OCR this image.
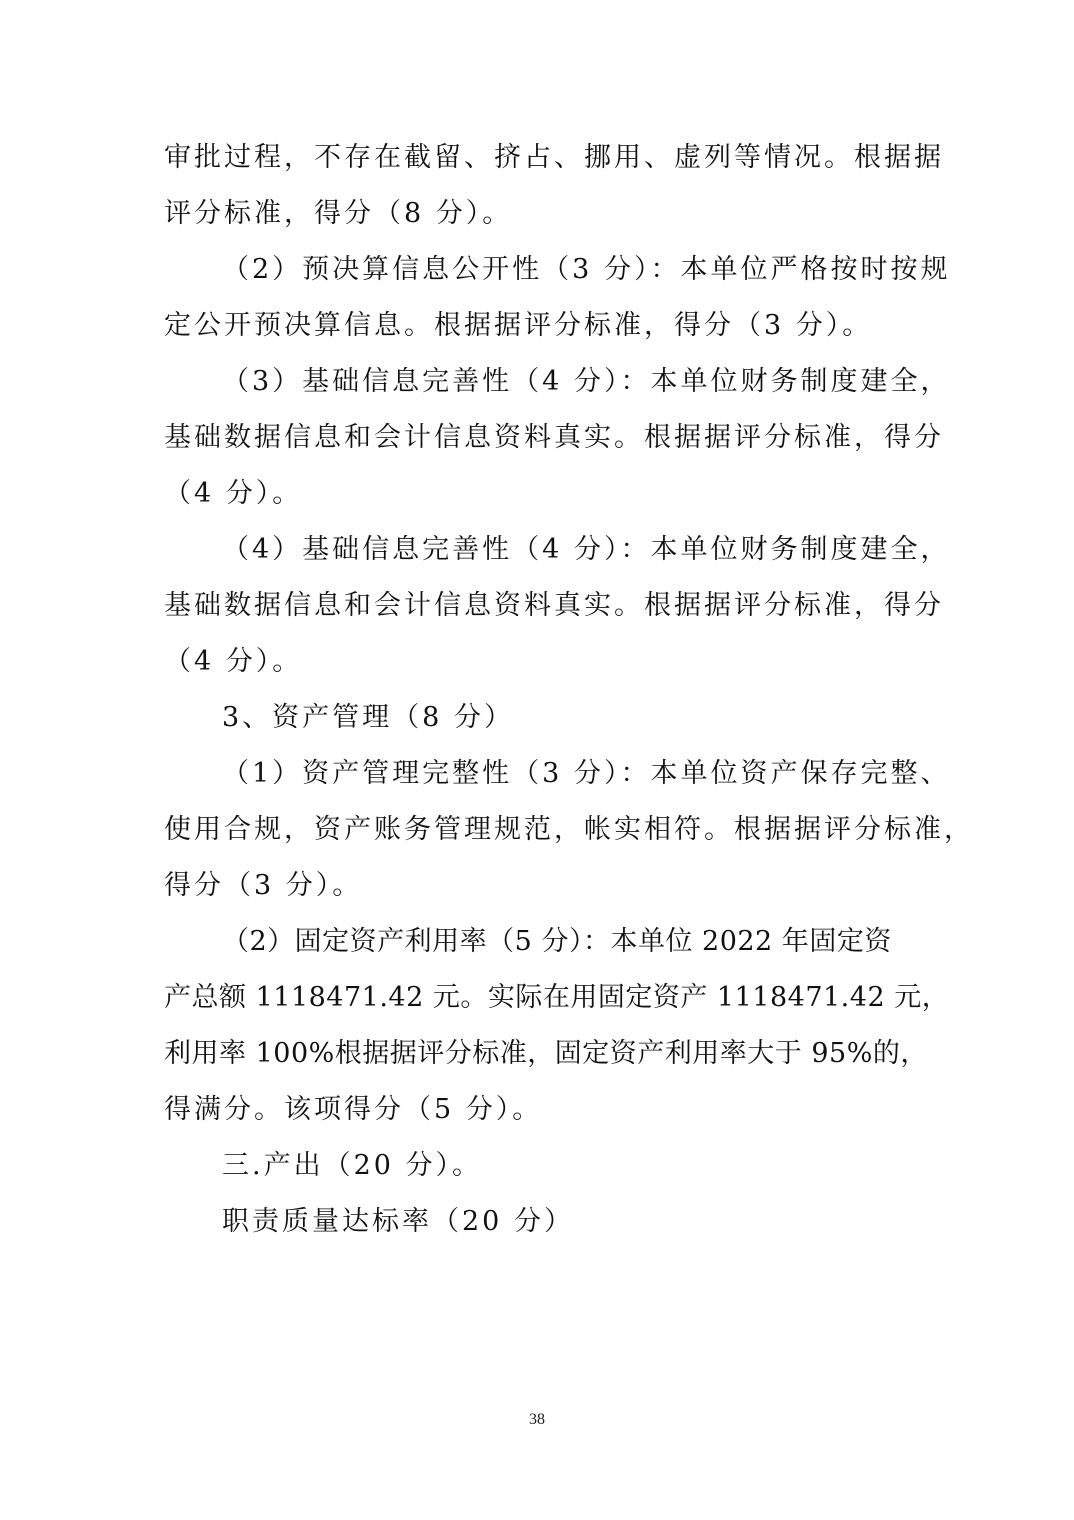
审批过程，不存在截留、挤占、挪用、虚列等情况。根据据
评分标准，得分（8 分）。
（2）预决算信息公开性（3 分）：本单位严格按时按规
定公开预决算信息。根据据评分标准，得分（3 分）。
（3）基础信息完善性（4 分）：本单位财务制度建全，
基础数据信息和会计信息资料真实。根据据评分标准，得分
（4 分）。
（4）基础信息完善性（4 分）：本单位财务制度建全，
基础数据信息和会计信息资料真实。根据据评分标准，得分
（4 分）。
3、资产管理（8 分）
（1）资产管理完整性（3 分）：本单位资产保存完整、
使用合规，资产账务管理规范，帐实相符。根据据评分标准，
得分（3 分）。
（2）固定资产利用率（5 分）：本单位 2022 年固定资
产总额 1118471.42 元。实际在用固定资产 1118471.42 元，
利用率 100%根据据评分标准，固定资产利用率大于 95%的，
得满分。该项得分（5 分）。
三.产出（20 分）。
职责质量达标率（20 分）
38
